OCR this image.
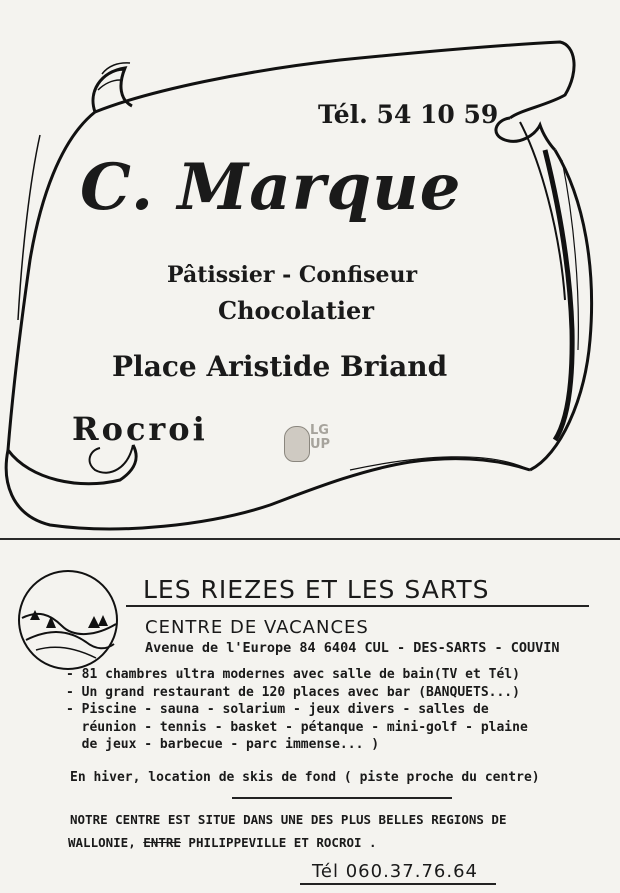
Tél. 54 10 59
C. Marque
Pâtissier - Confiseur
Chocolatier
Place Aristide Briand
Rocroi	LG
UP
LES RIEZES ET LES SARTS
CENTRE DE VACANCES
Avenue de l'Europe 84 6404 CUL - DES-SARTS - COUVIN
- 81 chambres ultra modernes avec salle de bain(TV et Tél)
- Un grand restaurant de 120 places avec bar (BANQUETS...)
- Piscine - sauna - solarium - jeux divers - salles de
réunion - tennis - basket - pétanque - mini-golf - plaine
de jeux - barbecue - parc immense... )
En hiver, location de skis de fond ( piste proche du centre)
NOTRE CENTRE EST SITUE DANS UNE DES PLUS BELLES REGIONS DE
WALLONIE, ENTRE PHILIPPEVILLE ET ROCROI .
Tél 060.37.76.64
